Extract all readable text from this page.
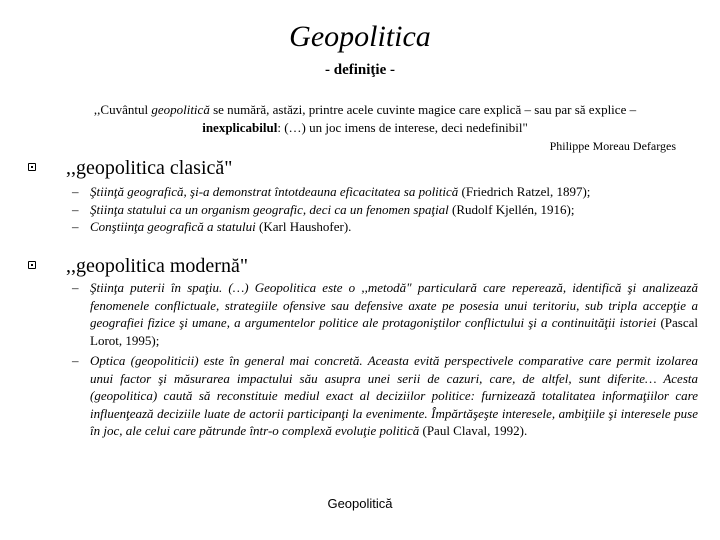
Geopolitica
- definiţie -
,,Cuvântul geopolitică se numără, astăzi, printre acele cuvinte magice care explică – sau par să explice – inexplicabilul: (…) un joc imens de interese, deci nedefinibil"
Philippe Moreau Defarges
,,geopolitica clasică"
– Ştiinţă geografică, şi-a demonstrat întotdeauna eficacitatea sa politică (Friedrich Ratzel, 1897);
– Ştiinţa statului ca un organism geografic, deci ca un fenomen spaţial (Rudolf Kjellén, 1916);
– Conştiinţa geografică a statului (Karl Haushofer).
,,geopolitica modernă"
– Ştiinţa puterii în spaţiu. (…) Geopolitica este o ,,metodă" particulară care reperează, identifică şi analizează fenomenele conflictuale, strategiile ofensive sau defensive axate pe posesia unui teritoriu, sub tripla accepţie a geografiei fizice şi umane, a argumentelor politice ale protagoniştilor conflictului şi a continuităţii istoriei (Pascal Lorot, 1995);
– Optica (geopoliticii) este în general mai concretă. Aceasta evită perspectivele comparative care permit izolarea unui factor şi măsurarea impactului său asupra unei serii de cazuri, care, de altfel, sunt diferite… Acesta (geopolitica) caută să reconstituie mediul exact al deciziilor politice: furnizează totalitatea informaţiilor care influenţează deciziile luate de actorii participanţi la evenimente. Împărtăşeşte interesele, ambiţiile şi interesele puse în joc, ale celui care pătrunde într-o complexă evoluţie politică (Paul Claval, 1992).
Geopolitică
